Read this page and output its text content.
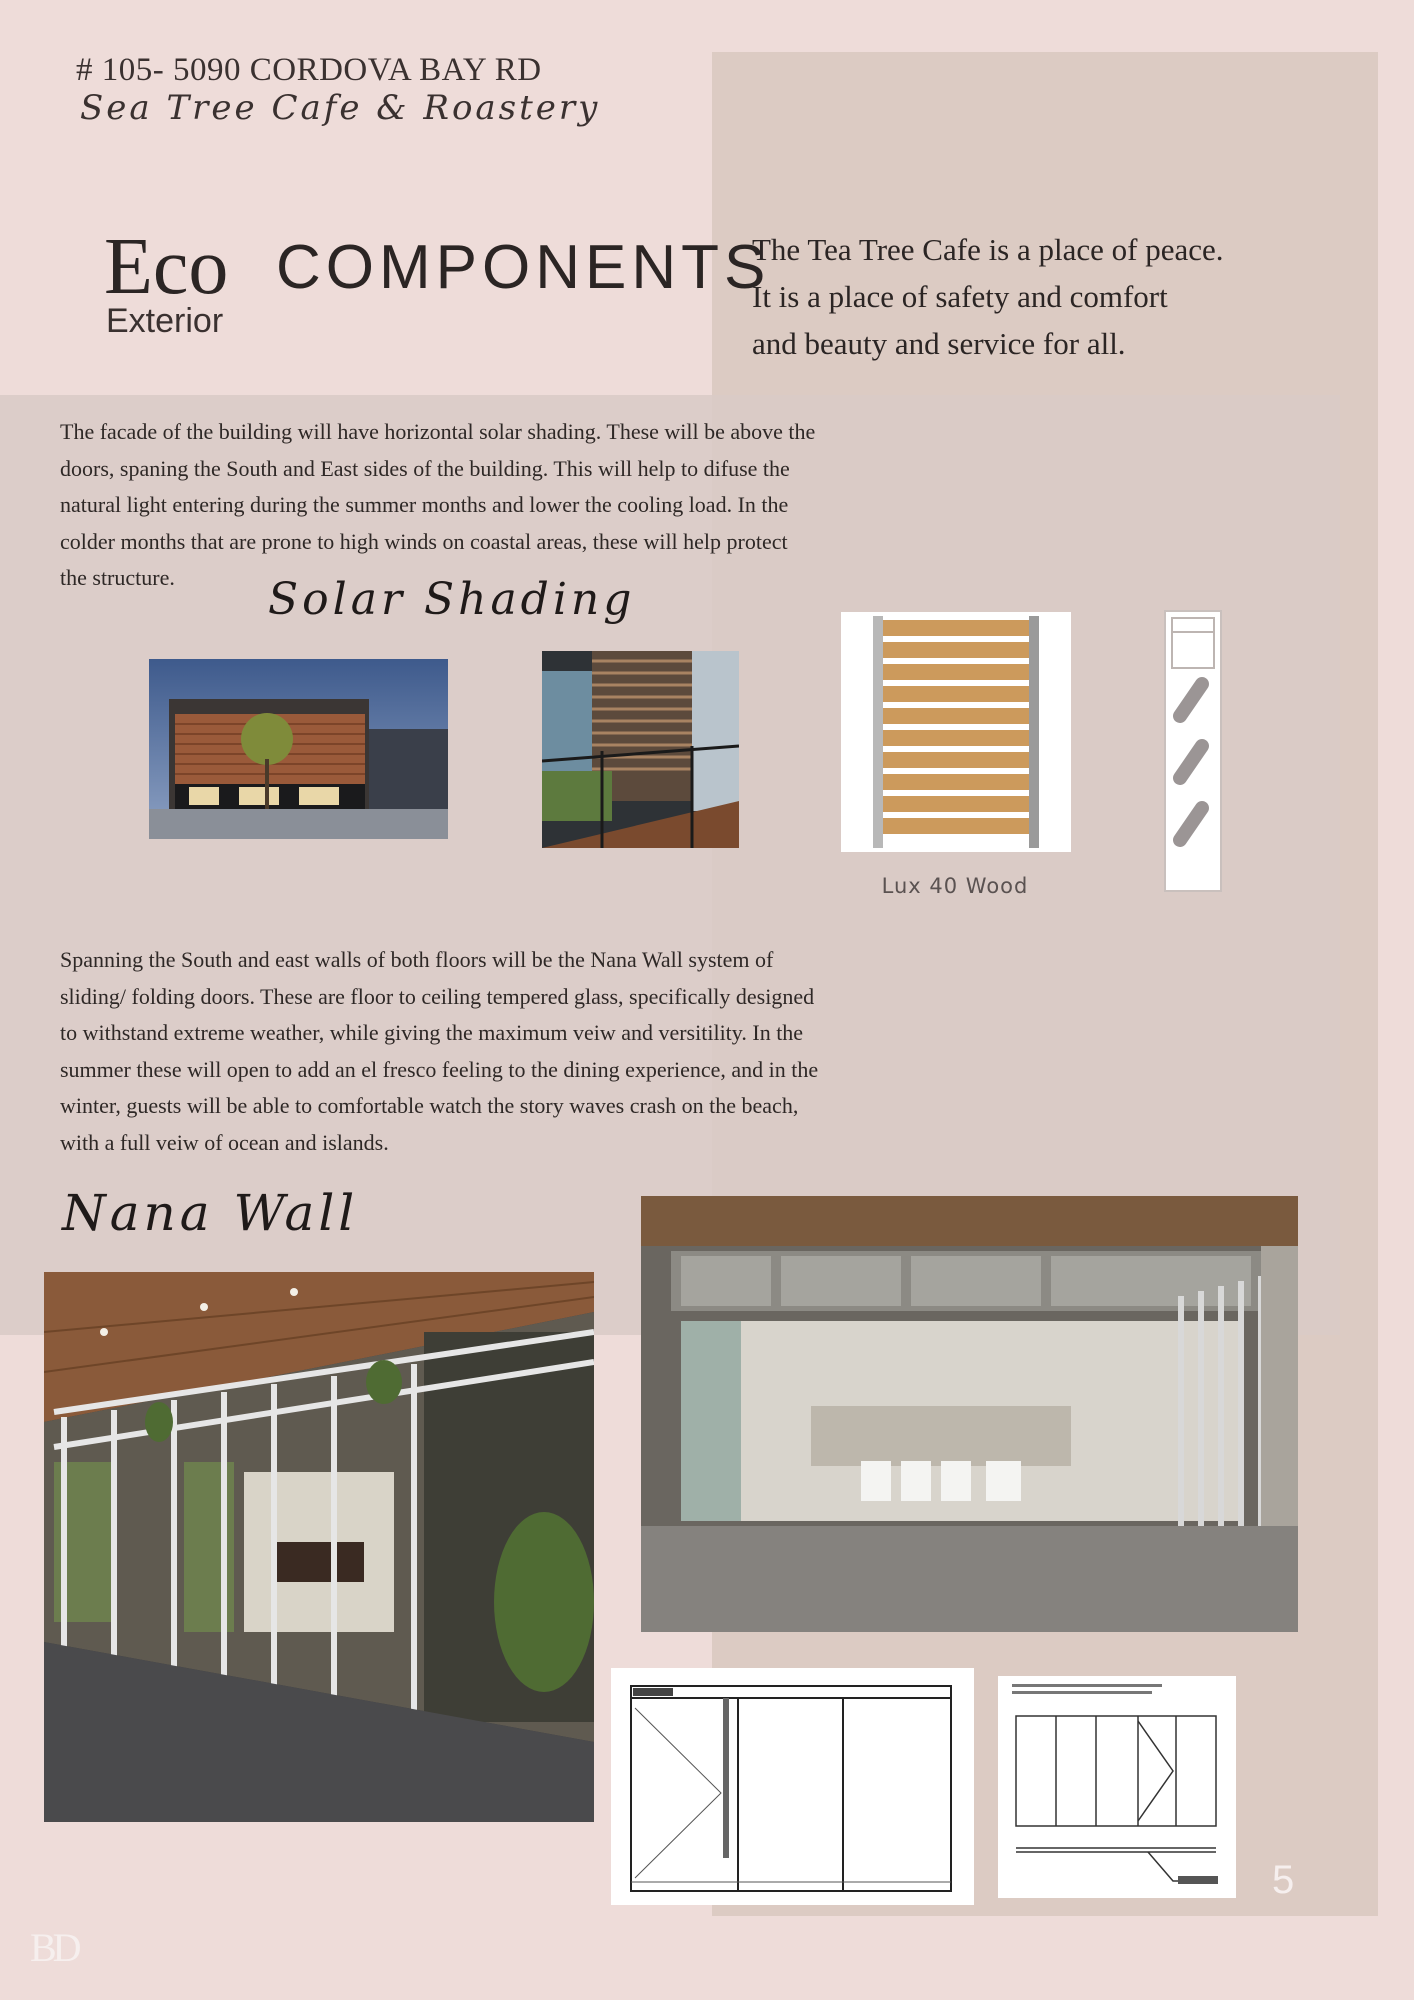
# 105- 5090 CORDOVA BAY RD
Sea Tree Cafe & Roastery
Eco COMPONENTS
Exterior
The Tea Tree Cafe is a place of peace.
It is a place of safety and comfort
and beauty and service for all.
The facade of the building will have horizontal solar shading. These will be above the
doors, spaning the South and East sides of the building. This will help to difuse the
natural light entering during the summer months and lower the cooling load. In the
colder months that are prone to high winds on coastal areas, these will help protect
the structure.	Solar Shading
Lux 40 Wood
Spanning the South and east walls of both floors will be the Nana Wall system of
sliding/ folding doors. These are floor to ceiling tempered glass, specifically designed
to withstand extreme weather, while giving the maximum veiw and versitility. In the
summer these will open to add an el fresco feeling to the dining experience, and in the
winter, guests will be able to comfortable watch the story waves crash on the beach,
with a full veiw of ocean and islands.
Nana Wall
5
BD
